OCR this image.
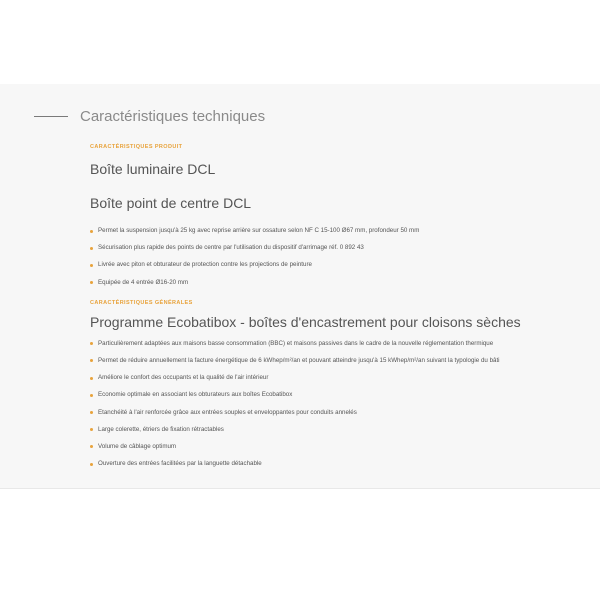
Caractéristiques techniques
CARACTÉRISTIQUES PRODUIT
Boîte luminaire DCL
Boîte point de centre DCL
Permet la suspension jusqu'à 25 kg avec reprise arrière sur ossature selon NF C 15-100 Ø67 mm, profondeur 50 mm
Sécurisation plus rapide des points de centre par l'utilisation du dispositif d'arrimage réf. 0 892 43
Livrée avec piton et obturateur de protection contre les projections de peinture
Equipée de 4 entrée Ø16-20 mm
CARACTÉRISTIQUES GÉNÉRALES
Programme Ecobatibox - boîtes d'encastrement pour cloisons sèches
Particulièrement adaptées aux maisons basse consommation (BBC) et maisons passives dans le cadre de la nouvelle réglementation thermique
Permet de réduire annuellement la facture énergétique de 6 kWhep/m²/an et pouvant atteindre jusqu'à 15 kWhep/m²/an suivant la typologie du bâti
Améliore le confort des occupants et la qualité de l'air intérieur
Economie optimale en associant les obturateurs aux boîtes Ecobatibox
Etanchéité à l'air renforcée grâce aux entrées souples et enveloppantes pour conduits annelés
Large colerette, étriers de fixation rétractables
Volume de câblage optimum
Ouverture des entrées facilitées par la languette détachable
